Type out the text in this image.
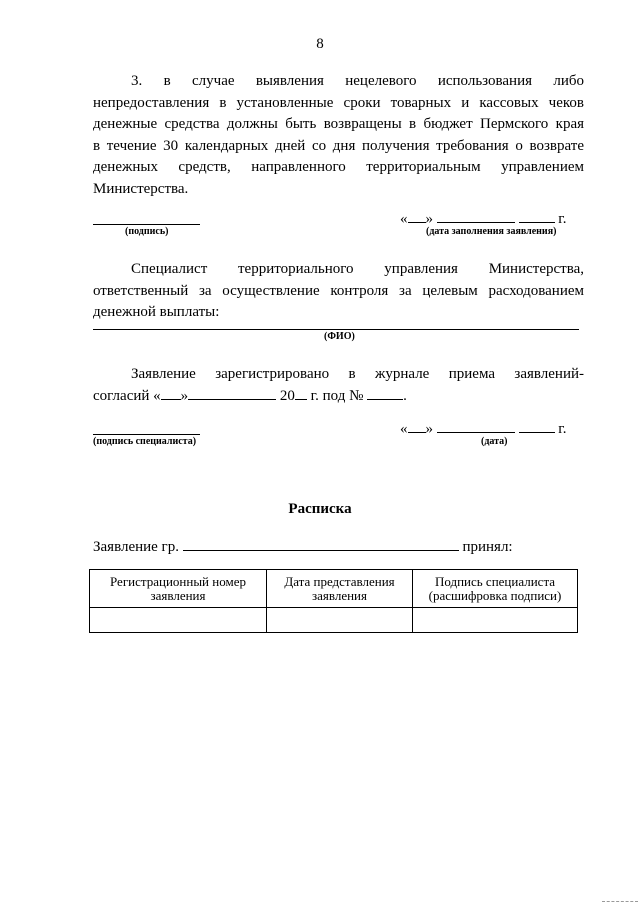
8
3. в случае выявления нецелевого использования либо
непредоставления в установленные сроки товарных и кассовых чеков
денежные средства должны быть возвращены в бюджет Пермского края
в течение 30 календарных дней со дня получения требования о возврате
денежных средств, направленного территориальным управлением
Министерства.
(подпись)
« »	г.
(дата заполнения заявления)
Специалист территориального управления Министерства,
ответственный за осуществление контроля за целевым расходованием
денежной выплаты:
(ФИО)
Заявление зарегистрировано в журнале приема заявлений-
согласий « »	20 г. под №	.
(подпись специалиста)
« »	г.
(дата)
Расписка
Заявление гр.	принял:
Регистрационный номер заявления	Дата представления заявления	Подпись специалиста (расшифровка подписи)
